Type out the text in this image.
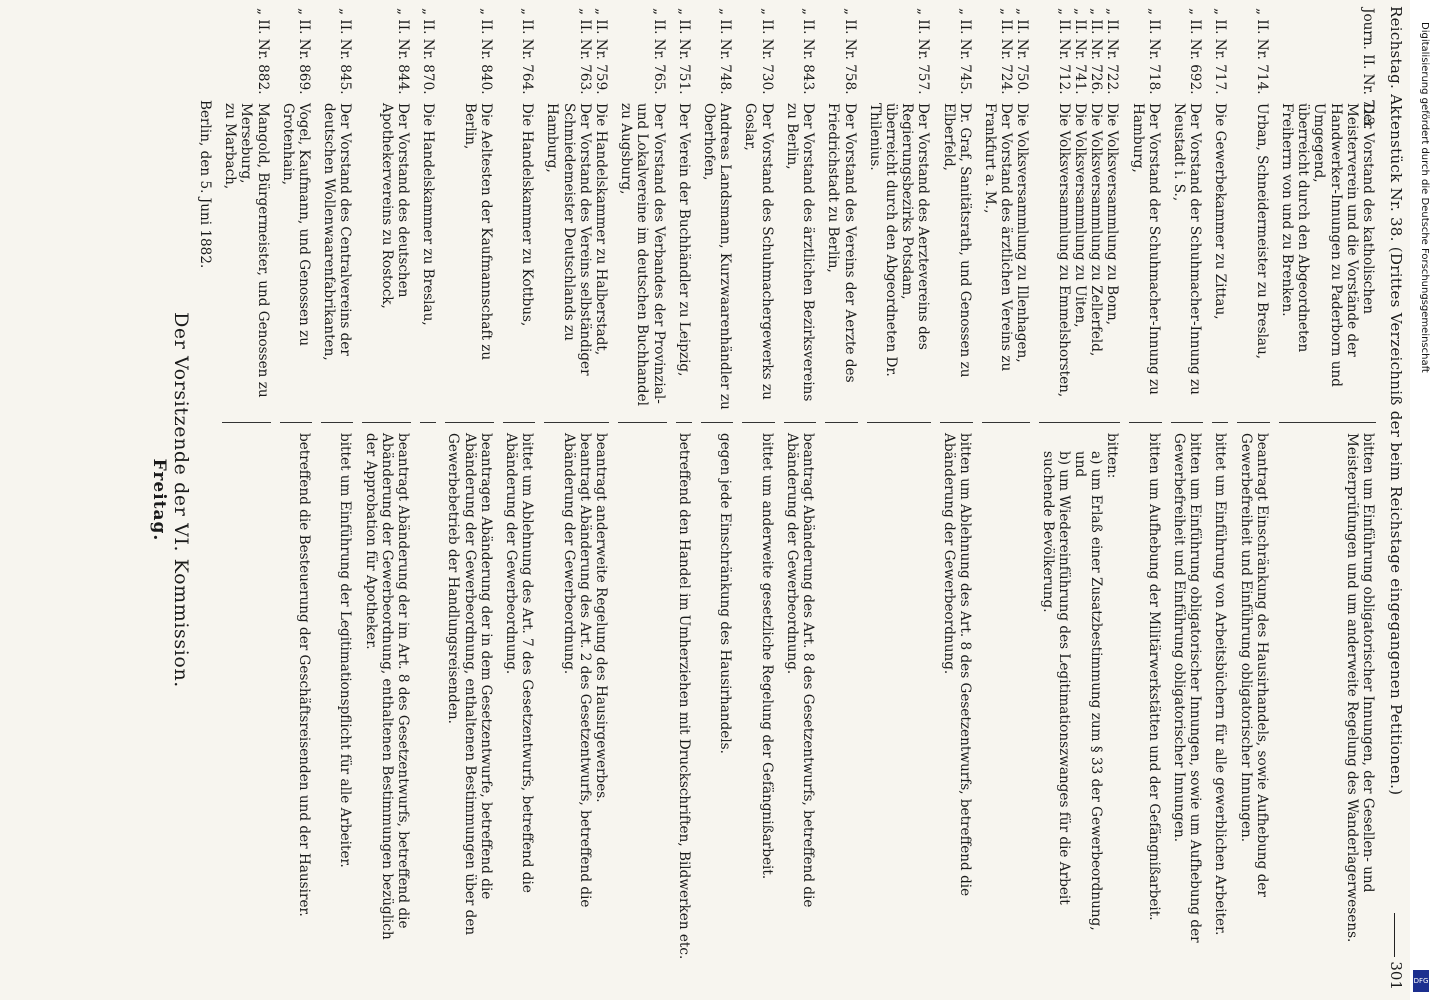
Reichstag. Aktenstück Nr. 38. (Drittes Verzeichniß der beim Reichstage eingegangenen Petitionen.)
301
Journ. II. Nr. 713.
Der Vorstand des katholischen Meisterverein und die Vorstände der Handwerker-Innungen zu Paderborn und Umgegend,
überreicht durch den Abgeordneten Freiherrn von und zu Brenken.
bitten um Einführung obligatorischer Innungen, der Gesellen- und Meisterprüfungen und um anderweite Regelung des Wanderlagerwesens.
„ II. Nr. 714.
Urban, Schneidermeister zu Breslau,
beantragt Einschränkung des Hausirhandels, sowie Aufhebung der Gewerbefreiheit und Einführung obligatorischer Innungen.
„ II. Nr. 717.
Die Gewerbekammer zu Zittau,
bittet um Einführung von Arbeitsbüchern für alle gewerblichen Arbeiter.
„ II. Nr. 692.
Der Vorstand der Schuhmacher-Innung zu Neustadt i. S.,
bitten um Einführung obligatorischer Innungen, sowie um Aufhebung der Gewerbefreiheit und Einführung obligatorischer Innungen.
„ II. Nr. 718.
Der Vorstand der Schuhmacher-Innung zu Hamburg,
bitten um Aufhebung der Militärwerkstätten und der Gefängnißarbeit.
„ II. Nr. 722.
„ II. Nr. 726.
„ II. Nr. 741.
„ II. Nr. 712.
Die Volksversammlung zu Bonn,
Die Volksversammlung zu Zellerfeld,
Die Volksversammlung zu Uiten,
Die Volksversammlung zu Emmelshorsten,
bitten:
a) um Erlaß einer Zusatzbestimmung zum § 33 der Gewerbeordnung, und
b) um Wiedereinführung des Legitimationszwanges für die Arbeit suchende Bevölkerung.
„ II. Nr. 750.
„ II. Nr. 724.
Die Volksversammlung zu Illenhagen,
Der Vorstand des ärztlichen Vereins zu Frankfurt a. M.,
„ II. Nr. 745.
Dr. Graf, Sanitätsrath, und Genossen zu Elberfeld,
bitten um Ablehnung des Art. 8 des Gesetzentwurfs, betreffend die Abänderung der Gewerbeordnung.
„ II. Nr. 757.
Der Vorstand des Aerztevereins des Regierungsbezirks Potsdam,
überreicht durch den Abgeordneten Dr. Thilenius.
„ II. Nr. 758.
Der Vorstand des Vereins der Aerzte des Friedrichstadt zu Berlin,
„ II. Nr. 843.
Der Vorstand des ärztlichen Bezirksvereins zu Berlin,
beantragt Abänderung des Art. 8 des Gesetzentwurfs, betreffend die Abänderung der Gewerbeordnung.
„ II. Nr. 730.
Der Vorstand des Schuhmachergewerks zu Goslar,
bittet um anderweite gesetzliche Regelung der Gefängnißarbeit.
„ II. Nr. 748.
Andreas Landsmann, Kurzwaarenhändler zu Oberhofen,
gegen jede Einschränkung des Hausirhandels.
„ II. Nr. 751.
Der Verein der Buchhändler zu Leipzig,
betreffend den Handel im Umherziehen mit Druckschriften, Bildwerken etc.
„ II. Nr. 765.
Der Vorstand des Verbandes der Provinzial- und Lokalvereine im deutschen Buchhandel zu Augsburg,
„ II. Nr. 759.
„ II. Nr. 763.
Die Handelskammer zu Halberstadt,
Der Vorstand des Vereins selbständiger Schmiedemeister Deutschlands zu Hamburg,
beantragt anderweite Regelung des Hausirgewerbes.
beantragt Abänderung des Art. 2 des Gesetzentwurfs, betreffend die Abänderung der Gewerbeordnung.
„ II. Nr. 764.
Die Handelskammer zu Kottbus,
bittet um Ablehnung des Art. 7 des Gesetzentwurfs, betreffend die Abänderung der Gewerbeordnung.
„ II. Nr. 840.
Die Aeltesten der Kaufmannschaft zu Berlin,
beantragen Abänderung der in dem Gesetzentwurfe, betreffend die Abänderung der Gewerbeordnung, enthaltenen Bestimmungen über den Gewerbebetrieb der Handlungsreisenden.
„ II. Nr. 870.
Die Handelskammer zu Breslau,
„ II. Nr. 844.
Der Vorstand des deutschen Apothekervereins zu Rostock,
beantragt Abänderung der im Art. 8 des Gesetzentwurfs, betreffend die Abänderung der Gewerbeordnung, enthaltenen Bestimmungen bezüglich der Approbation für Apotheker.
„ II. Nr. 845.
Der Vorstand des Centralvereins der deutschen Wollenwaarenfabrikanten,
bittet um Einführung der Legitimationspflicht für alle Arbeiter.
„ II. Nr. 869.
Vogel, Kaufmann, und Genossen zu Grotenhain,
betreffend die Besteuerung der Geschäftsreisenden und der Hausirer.
„ II. Nr. 882.
Mangold, Bürgermeister, und Genossen zu Merseburg,
zu Marbach,
Berlin, den 5. Juni 1882.
Der Vorsitzende der VI. Kommission.
Freitag.
Digitalisierung gefördert durch die Deutsche Forschungsgemeinschaft
DFG
